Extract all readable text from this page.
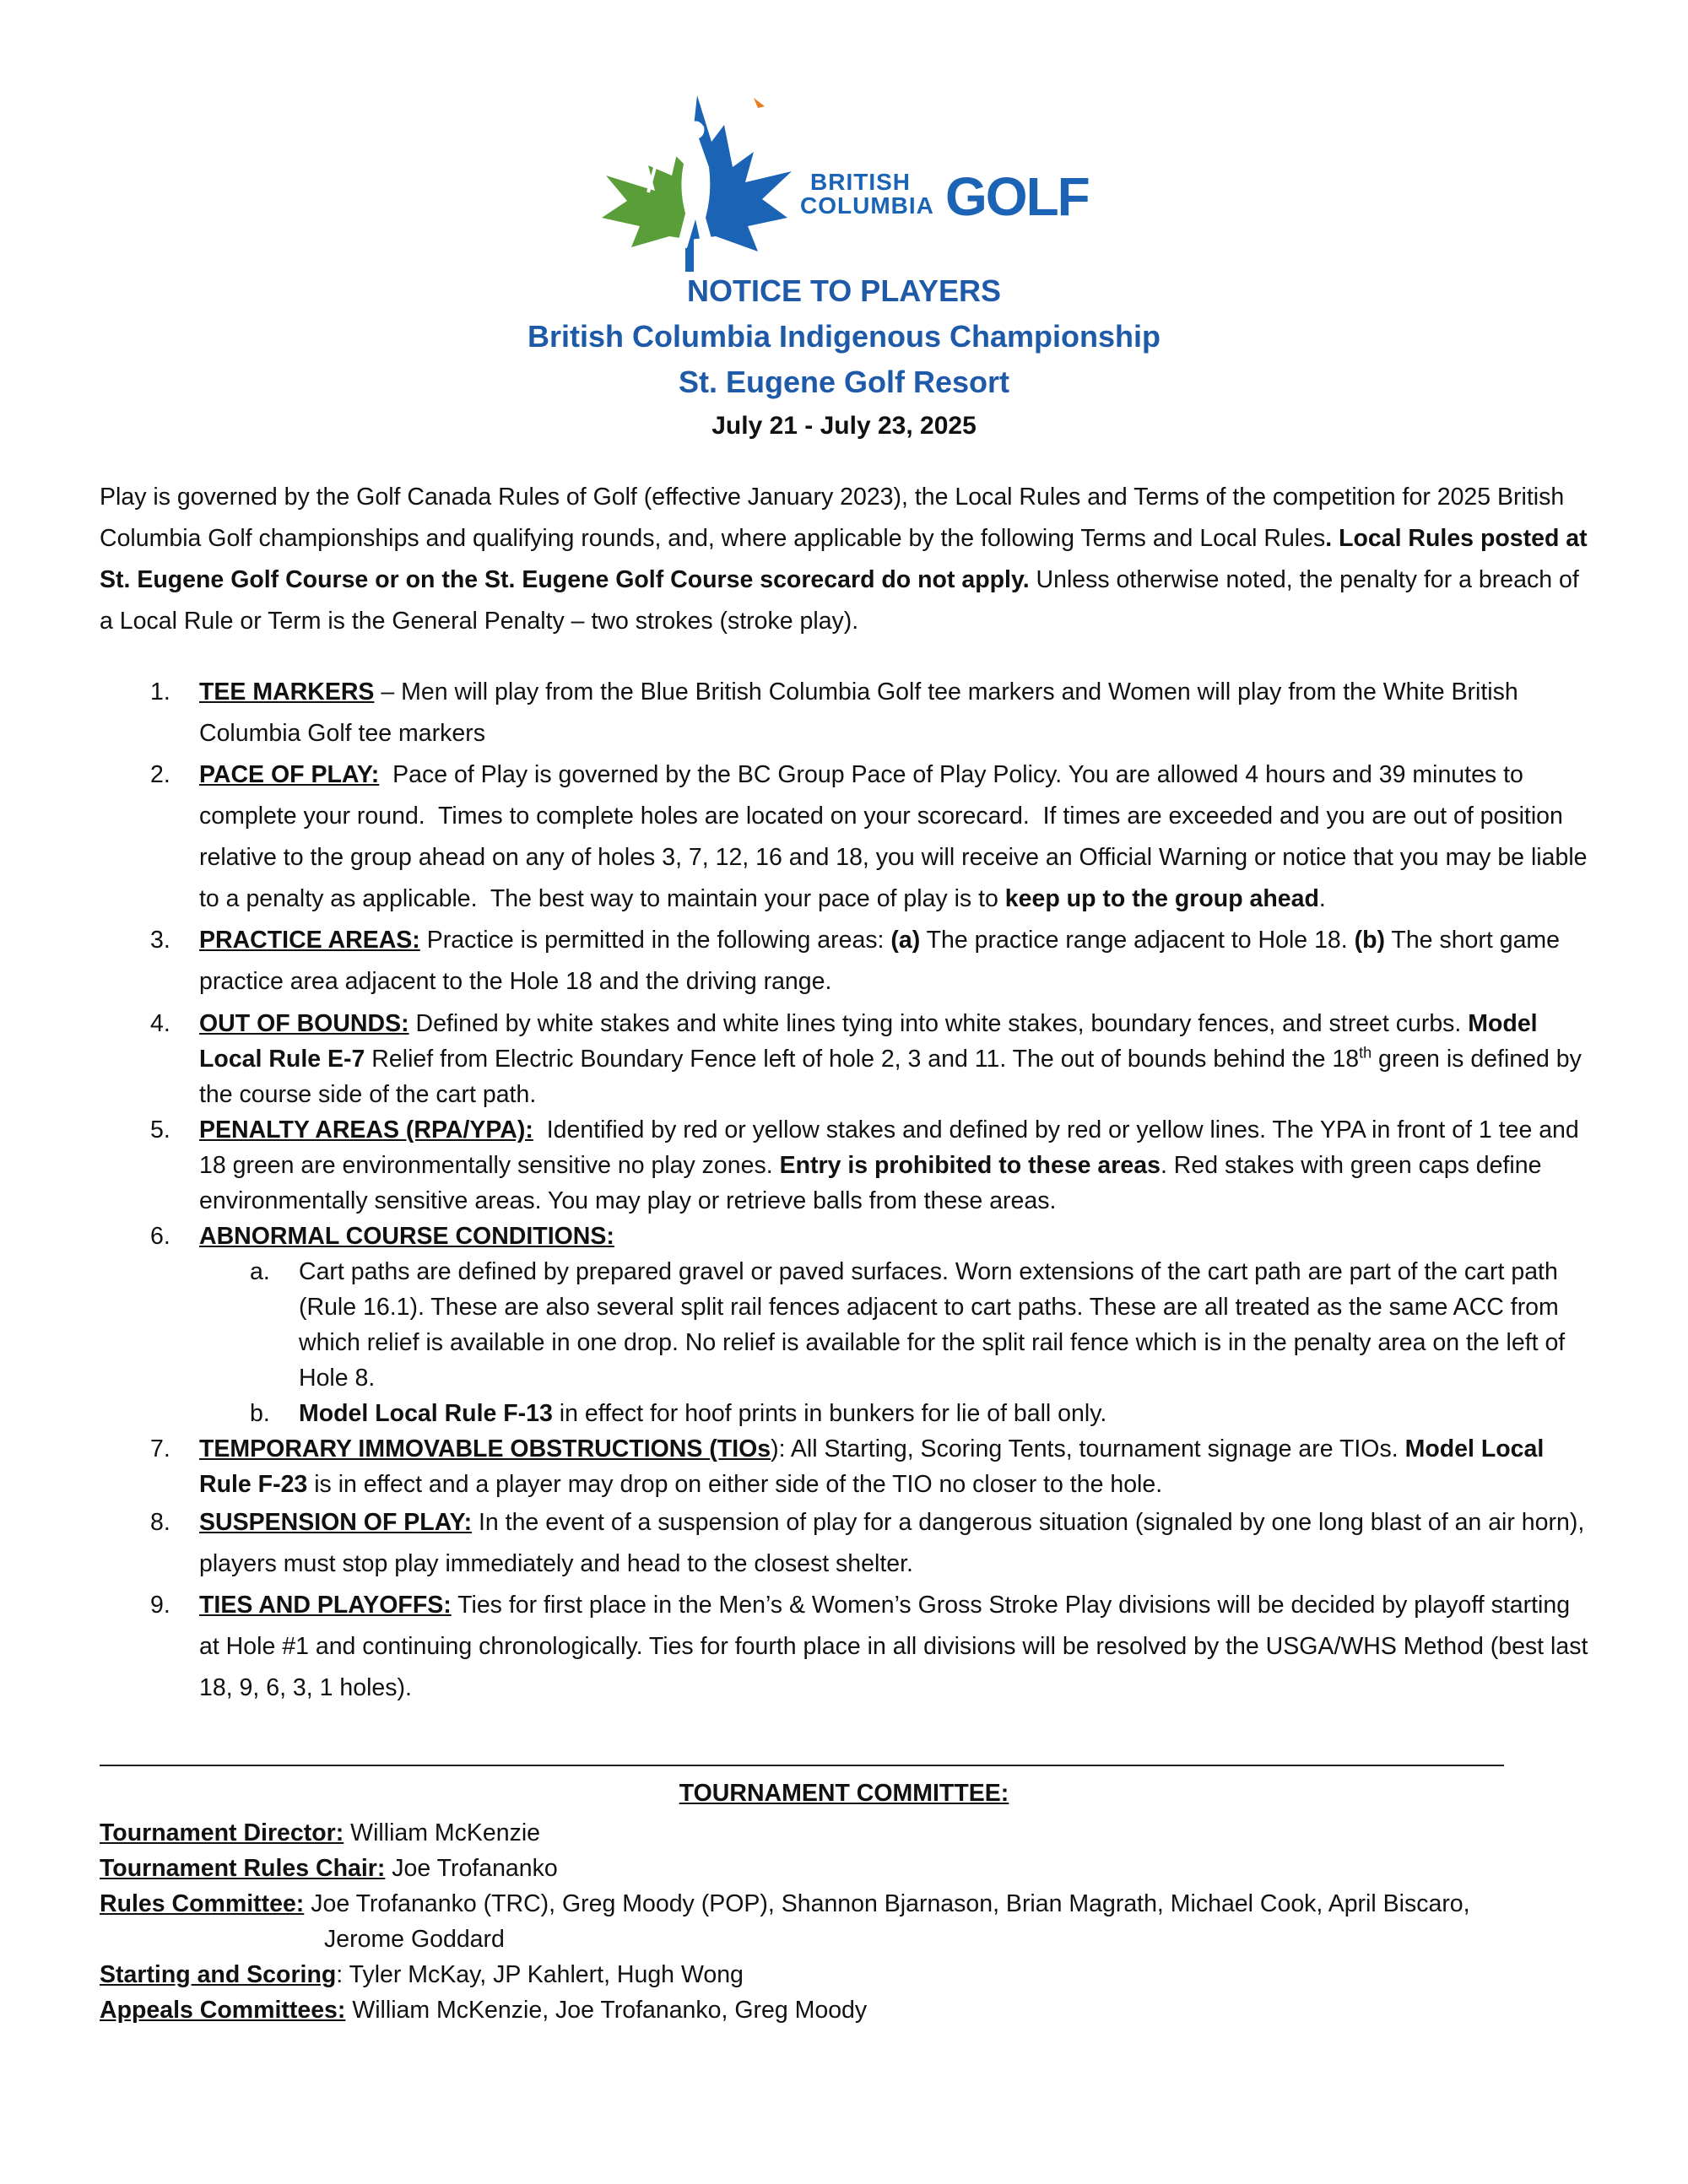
BRITISH
COLUMBIA GOLF
NOTICE TO PLAYERS
British Columbia Indigenous Championship
St. Eugene Golf Resort
July 21 - July 23, 2025
Play is governed by the Golf Canada Rules of Golf (effective January 2023), the Local Rules and Terms of the competition for 2025 British Columbia Golf championships and qualifying rounds, and, where applicable by the following Terms and Local Rules. Local Rules posted at St. Eugene Golf Course or on the St. Eugene Golf Course scorecard do not apply. Unless otherwise noted, the penalty for a breach of a Local Rule or Term is the General Penalty – two strokes (stroke play).
1. TEE MARKERS – Men will play from the Blue British Columbia Golf tee markers and Women will play from the White British Columbia Golf tee markers
2. PACE OF PLAY:  Pace of Play is governed by the BC Group Pace of Play Policy. You are allowed 4 hours and 39 minutes to complete your round.  Times to complete holes are located on your scorecard.  If times are exceeded and you are out of position relative to the group ahead on any of holes 3, 7, 12, 16 and 18, you will receive an Official Warning or notice that you may be liable to a penalty as applicable.  The best way to maintain your pace of play is to keep up to the group ahead.
3. PRACTICE AREAS: Practice is permitted in the following areas: (a) The practice range adjacent to Hole 18. (b) The short game practice area adjacent to the Hole 18 and the driving range.
4. OUT OF BOUNDS: Defined by white stakes and white lines tying into white stakes, boundary fences, and street curbs. Model Local Rule E-7 Relief from Electric Boundary Fence left of hole 2, 3 and 11. The out of bounds behind the 18th green is defined by the course side of the cart path.
5. PENALTY AREAS (RPA/YPA):  Identified by red or yellow stakes and defined by red or yellow lines. The YPA in front of 1 tee and 18 green are environmentally sensitive no play zones. Entry is prohibited to these areas. Red stakes with green caps define environmentally sensitive areas. You may play or retrieve balls from these areas.
6. ABNORMAL COURSE CONDITIONS:
a. Cart paths are defined by prepared gravel or paved surfaces. Worn extensions of the cart path are part of the cart path (Rule 16.1). These are also several split rail fences adjacent to cart paths. These are all treated as the same ACC from which relief is available in one drop. No relief is available for the split rail fence which is in the penalty area on the left of Hole 8.
b. Model Local Rule F-13 in effect for hoof prints in bunkers for lie of ball only.
7. TEMPORARY IMMOVABLE OBSTRUCTIONS (TIOs): All Starting, Scoring Tents, tournament signage are TIOs. Model Local Rule F-23 is in effect and a player may drop on either side of the TIO no closer to the hole.
8. SUSPENSION OF PLAY: In the event of a suspension of play for a dangerous situation (signaled by one long blast of an air horn), players must stop play immediately and head to the closest shelter.
9. TIES AND PLAYOFFS: Ties for first place in the Men’s & Women’s Gross Stroke Play divisions will be decided by playoff starting at Hole #1 and continuing chronologically. Ties for fourth place in all divisions will be resolved by the USGA/WHS Method (best last 18, 9, 6, 3, 1 holes).
TOURNAMENT COMMITTEE:
Tournament Director: William McKenzie
Tournament Rules Chair: Joe Trofananko
Rules Committee: Joe Trofananko (TRC), Greg Moody (POP), Shannon Bjarnason, Brian Magrath, Michael Cook, April Biscaro,
Jerome Goddard
Starting and Scoring: Tyler McKay, JP Kahlert, Hugh Wong
Appeals Committees: William McKenzie, Joe Trofananko, Greg Moody
